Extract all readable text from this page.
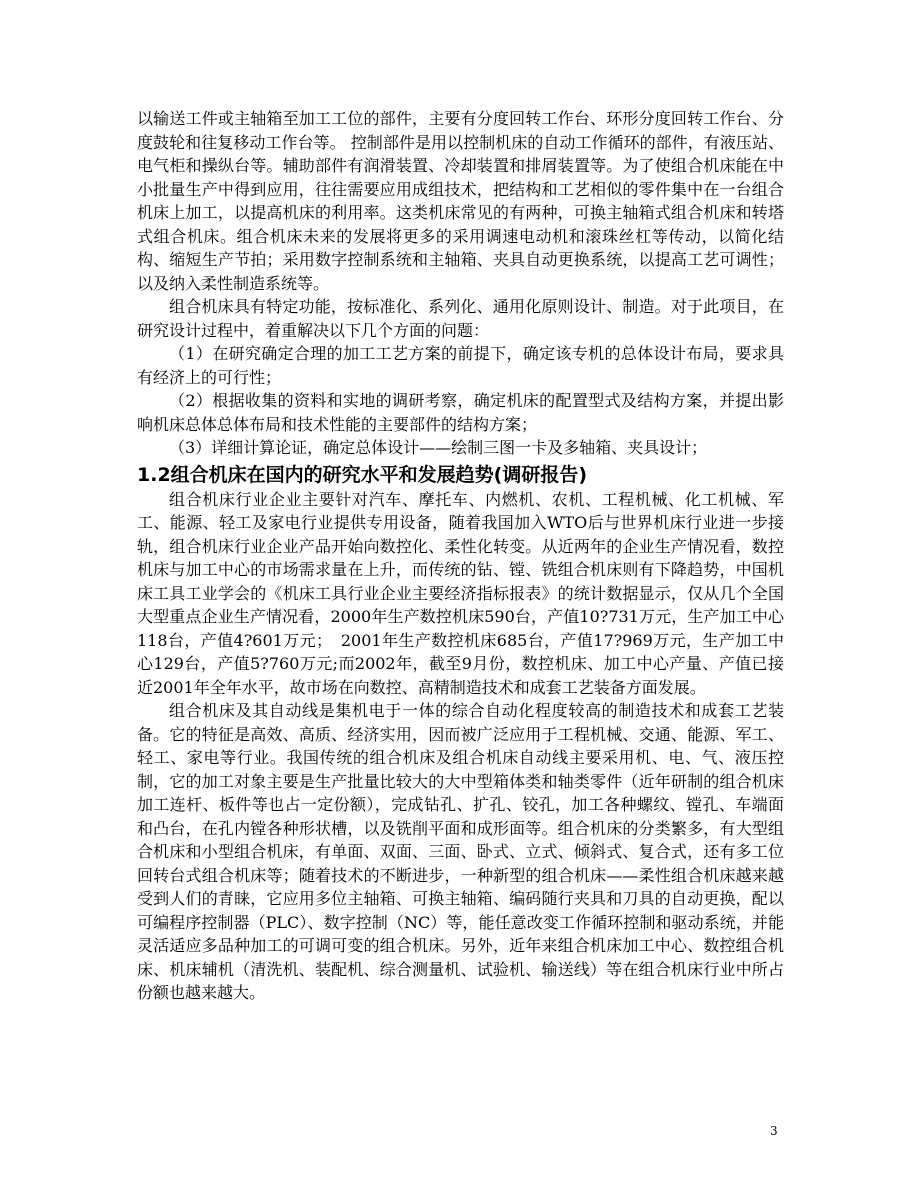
以输送工件或主轴箱至加工工位的部件，主要有分度回转工作台、环形分度回转工作台、分度鼓轮和往复移动工作台等。 控制部件是用以控制机床的自动工作循环的部件，有液压站、电气柜和操纵台等。辅助部件有润滑装置、冷却装置和排屑装置等。为了使组合机床能在中小批量生产中得到应用，往往需要应用成组技术，把结构和工艺相似的零件集中在一台组合机床上加工，以提高机床的利用率。这类机床常见的有两种，可换主轴箱式组合机床和转塔式组合机床。组合机床未来的发展将更多的采用调速电动机和滚珠丝杠等传动，以简化结构、缩短生产节拍；采用数字控制系统和主轴箱、夹具自动更换系统，以提高工艺可调性；以及纳入柔性制造系统等。

组合机床具有特定功能，按标准化、系列化、通用化原则设计、制造。对于此项目，在研究设计过程中，着重解决以下几个方面的问题：

（1）在研究确定合理的加工工艺方案的前提下，确定该专机的总体设计布局，要求具有经济上的可行性；

（2）根据收集的资料和实地的调研考察，确定机床的配置型式及结构方案，并提出影响机床总体总体布局和技术性能的主要部件的结构方案；

（3）详细计算论证，确定总体设计——绘制三图一卡及多轴箱、夹具设计；

1.2组合机床在国内的研究水平和发展趋势(调研报告)

组合机床行业企业主要针对汽车、摩托车、内燃机、农机、工程机械、化工机械、军工、能源、轻工及家电行业提供专用设备，随着我国加入WTO后与世界机床行业进一步接轨，组合机床行业企业产品开始向数控化、柔性化转变。从近两年的企业生产情况看，数控机床与加工中心的市场需求量在上升，而传统的钻、镗、铣组合机床则有下降趋势，中国机床工具工业学会的《机床工具行业企业主要经济指标报表》的统计数据显示，仅从几个全国大型重点企业生产情况看，2000年生产数控机床590台，产值10?731万元，生产加工中心118台，产值4?601万元；　2001年生产数控机床685台，产值17?969万元，生产加工中心129台，产值5?760万元;而2002年，截至9月份，数控机床、加工中心产量、产值已接近2001年全年水平，故市场在向数控、高精制造技术和成套工艺装备方面发展。

组合机床及其自动线是集机电于一体的综合自动化程度较高的制造技术和成套工艺装备。它的特征是高效、高质、经济实用，因而被广泛应用于工程机械、交通、能源、军工、轻工、家电等行业。我国传统的组合机床及组合机床自动线主要采用机、电、气、液压控制，它的加工对象主要是生产批量比较大的大中型箱体类和轴类零件（近年研制的组合机床加工连杆、板件等也占一定份额），完成钻孔、扩孔、铰孔，加工各种螺纹、镗孔、车端面和凸台，在孔内镗各种形状槽，以及铣削平面和成形面等。组合机床的分类繁多，有大型组合机床和小型组合机床，有单面、双面、三面、卧式、立式、倾斜式、复合式，还有多工位回转台式组合机床等；随着技术的不断进步，一种新型的组合机床——柔性组合机床越来越受到人们的青睐，它应用多位主轴箱、可换主轴箱、编码随行夹具和刀具的自动更换，配以可编程序控制器（PLC）、数字控制（NC）等，能任意改变工作循环控制和驱动系统，并能灵活适应多品种加工的可调可变的组合机床。另外，近年来组合机床加工中心、数控组合机床、机床辅机（清洗机、装配机、综合测量机、试验机、输送线）等在组合机床行业中所占份额也越来越大。

3
